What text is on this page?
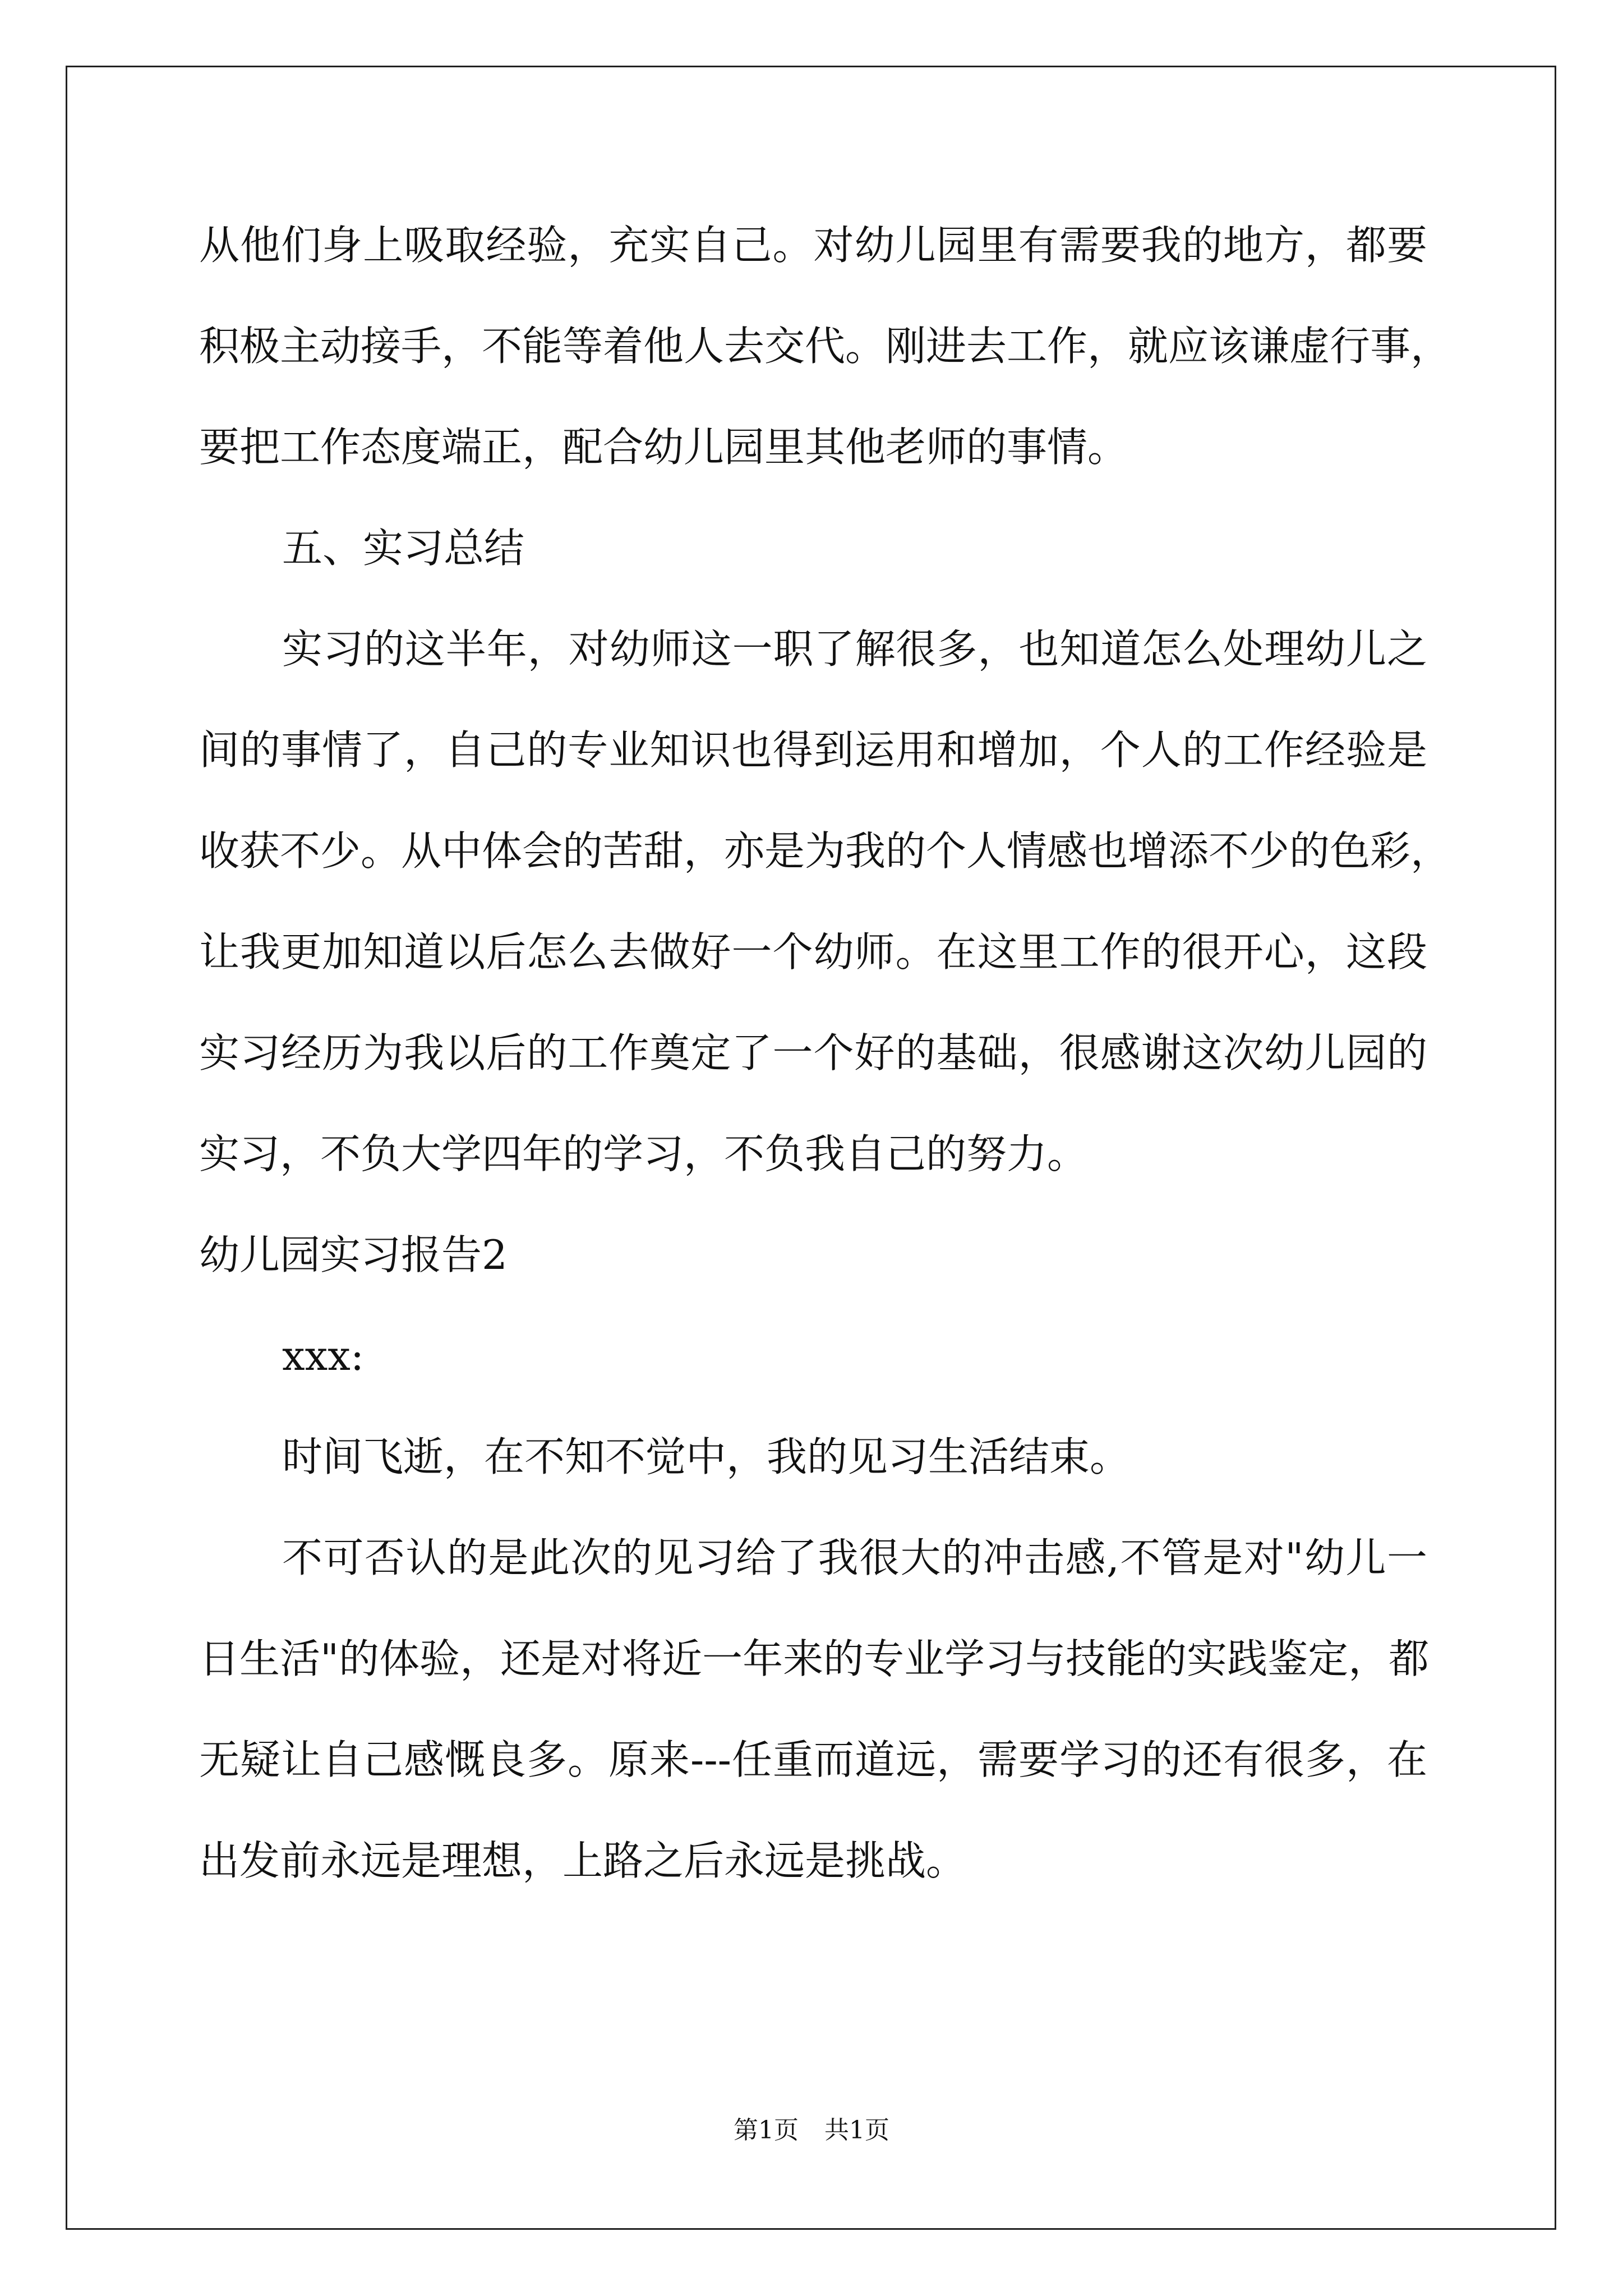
从他们身上吸取经验，充实自己。对幼儿园里有需要我的地方，都要
积极主动接手，不能等着他人去交代。刚进去工作，就应该谦虚行事，
要把工作态度端正，配合幼儿园里其他老师的事情。
五、实习总结
实习的这半年，对幼师这一职了解很多，也知道怎么处理幼儿之
间的事情了，自己的专业知识也得到运用和增加，个人的工作经验是
收获不少。从中体会的苦甜，亦是为我的个人情感也增添不少的色彩，
让我更加知道以后怎么去做好一个幼师。在这里工作的很开心，这段
实习经历为我以后的工作奠定了一个好的基础，很感谢这次幼儿园的
实习，不负大学四年的学习，不负我自己的努力。
幼儿园实习报告2
xxx:
时间飞逝，在不知不觉中，我的见习生活结束。
不可否认的是此次的见习给了我很大的冲击感,不管是对"幼儿一
日生活"的体验，还是对将近一年来的专业学习与技能的实践鉴定，都
无疑让自己感慨良多。原来---任重而道远，需要学习的还有很多，在
出发前永远是理想，上路之后永远是挑战。
第1页 共1页
